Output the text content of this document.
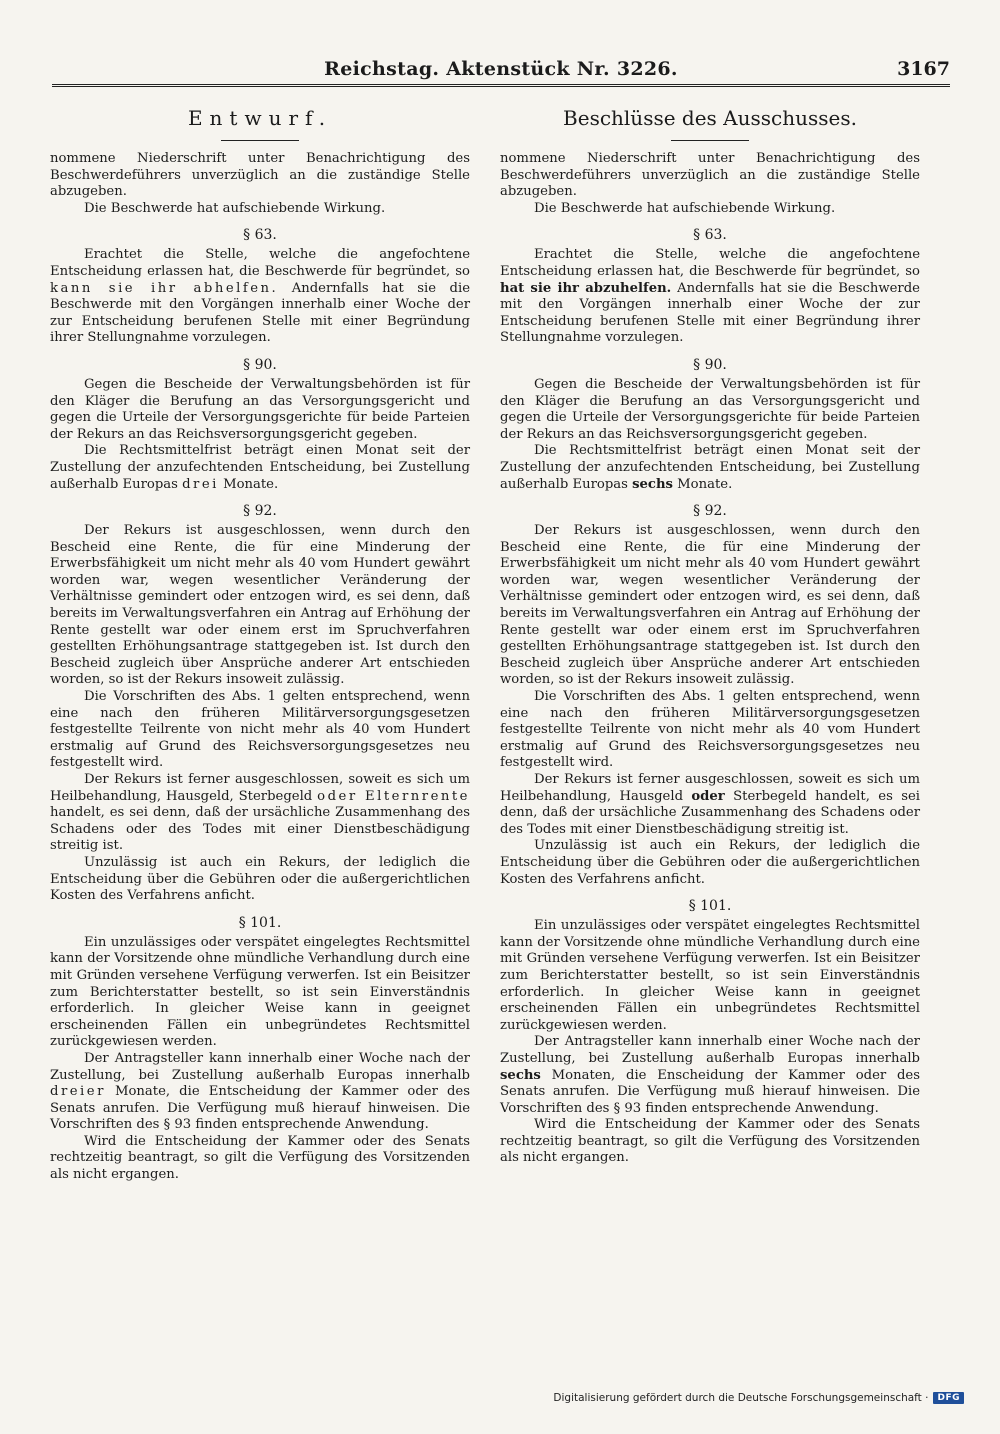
Reichstag. Aktenstück Nr. 3226.	3167
Entwurf.

nommene Niederschrift unter Benachrichtigung des Beschwerdeführers unverzüglich an die zuständige Stelle abzugeben.

Die Beschwerde hat aufschiebende Wirkung.

§ 63.

Erachtet die Stelle, welche die angefochtene Entscheidung erlassen hat, die Beschwerde für begründet, so kann sie ihr abhelfen. Andernfalls hat sie die Beschwerde mit den Vorgängen innerhalb einer Woche der zur Entscheidung berufenen Stelle mit einer Begründung ihrer Stellungnahme vorzulegen.

§ 90.

Gegen die Bescheide der Verwaltungsbehörden ist für den Kläger die Berufung an das Versorgungsgericht und gegen die Urteile der Versorgungsgerichte für beide Parteien der Rekurs an das Reichsversorgungsgericht gegeben.

Die Rechtsmittelfrist beträgt einen Monat seit der Zustellung der anzufechtenden Entscheidung, bei Zustellung außerhalb Europas drei Monate.

§ 92.

Der Rekurs ist ausgeschlossen, wenn durch den Bescheid eine Rente, die für eine Minderung der Erwerbsfähigkeit um nicht mehr als 40 vom Hundert gewährt worden war, wegen wesentlicher Veränderung der Verhältnisse gemindert oder entzogen wird, es sei denn, daß bereits im Verwaltungsverfahren ein Antrag auf Erhöhung der Rente gestellt war oder einem erst im Spruchverfahren gestellten Erhöhungsantrage stattgegeben ist. Ist durch den Bescheid zugleich über Ansprüche anderer Art entschieden worden, so ist der Rekurs insoweit zulässig.

Die Vorschriften des Abs. 1 gelten entsprechend, wenn eine nach den früheren Militärversorgungsgesetzen festgestellte Teilrente von nicht mehr als 40 vom Hundert erstmalig auf Grund des Reichsversorgungsgesetzes neu festgestellt wird.

Der Rekurs ist ferner ausgeschlossen, soweit es sich um Heilbehandlung, Hausgeld, Sterbegeld oder Elternrente handelt, es sei denn, daß der ursächliche Zusammenhang des Schadens oder des Todes mit einer Dienstbeschädigung streitig ist.

Unzulässig ist auch ein Rekurs, der lediglich die Entscheidung über die Gebühren oder die außergerichtlichen Kosten des Verfahrens anficht.

§ 101.

Ein unzulässiges oder verspätet eingelegtes Rechtsmittel kann der Vorsitzende ohne mündliche Verhandlung durch eine mit Gründen versehene Verfügung verwerfen. Ist ein Beisitzer zum Berichterstatter bestellt, so ist sein Einverständnis erforderlich. In gleicher Weise kann in geeignet erscheinenden Fällen ein unbegründetes Rechtsmittel zurückgewiesen werden.

Der Antragsteller kann innerhalb einer Woche nach der Zustellung, bei Zustellung außerhalb Europas innerhalb dreier Monate, die Entscheidung der Kammer oder des Senats anrufen. Die Verfügung muß hierauf hinweisen. Die Vorschriften des § 93 finden entsprechende Anwendung.

Wird die Entscheidung der Kammer oder des Senats rechtzeitig beantragt, so gilt die Verfügung des Vorsitzenden als nicht ergangen.

Beschlüsse des Ausschusses.

nommene Niederschrift unter Benachrichtigung des Beschwerdeführers unverzüglich an die zuständige Stelle abzugeben.

Die Beschwerde hat aufschiebende Wirkung.

§ 63.

Erachtet die Stelle, welche die angefochtene Entscheidung erlassen hat, die Beschwerde für begründet, so hat sie ihr abzuhelfen. Andernfalls hat sie die Beschwerde mit den Vorgängen innerhalb einer Woche der zur Entscheidung berufenen Stelle mit einer Begründung ihrer Stellungnahme vorzulegen.

§ 90.

Gegen die Bescheide der Verwaltungsbehörden ist für den Kläger die Berufung an das Versorgungsgericht und gegen die Urteile der Versorgungsgerichte für beide Parteien der Rekurs an das Reichsversorgungsgericht gegeben.

Die Rechtsmittelfrist beträgt einen Monat seit der Zustellung der anzufechtenden Entscheidung, bei Zustellung außerhalb Europas sechs Monate.

§ 92.

Der Rekurs ist ausgeschlossen, wenn durch den Bescheid eine Rente, die für eine Minderung der Erwerbsfähigkeit um nicht mehr als 40 vom Hundert gewährt worden war, wegen wesentlicher Veränderung der Verhältnisse gemindert oder entzogen wird, es sei denn, daß bereits im Verwaltungsverfahren ein Antrag auf Erhöhung der Rente gestellt war oder einem erst im Spruchverfahren gestellten Erhöhungsantrage stattgegeben ist. Ist durch den Bescheid zugleich über Ansprüche anderer Art entschieden worden, so ist der Rekurs insoweit zulässig.

Die Vorschriften des Abs. 1 gelten entsprechend, wenn eine nach den früheren Militärversorgungsgesetzen festgestellte Teilrente von nicht mehr als 40 vom Hundert erstmalig auf Grund des Reichsversorgungsgesetzes neu festgestellt wird.

Der Rekurs ist ferner ausgeschlossen, soweit es sich um Heilbehandlung, Hausgeld oder Sterbegeld handelt, es sei denn, daß der ursächliche Zusammenhang des Schadens oder des Todes mit einer Dienstbeschädigung streitig ist.

Unzulässig ist auch ein Rekurs, der lediglich die Entscheidung über die Gebühren oder die außergerichtlichen Kosten des Verfahrens anficht.

§ 101.

Ein unzulässiges oder verspätet eingelegtes Rechtsmittel kann der Vorsitzende ohne mündliche Verhandlung durch eine mit Gründen versehene Verfügung verwerfen. Ist ein Beisitzer zum Berichterstatter bestellt, so ist sein Einverständnis erforderlich. In gleicher Weise kann in geeignet erscheinenden Fällen ein unbegründetes Rechtsmittel zurückgewiesen werden.

Der Antragsteller kann innerhalb einer Woche nach der Zustellung, bei Zustellung außerhalb Europas innerhalb sechs Monaten, die Enscheidung der Kammer oder des Senats anrufen. Die Verfügung muß hierauf hinweisen. Die Vorschriften des § 93 finden entsprechende Anwendung.

Wird die Entscheidung der Kammer oder des Senats rechtzeitig beantragt, so gilt die Verfügung des Vorsitzenden als nicht ergangen.

Digitalisierung gefördert durch die Deutsche Forschungsgemeinschaft ·	DFG
